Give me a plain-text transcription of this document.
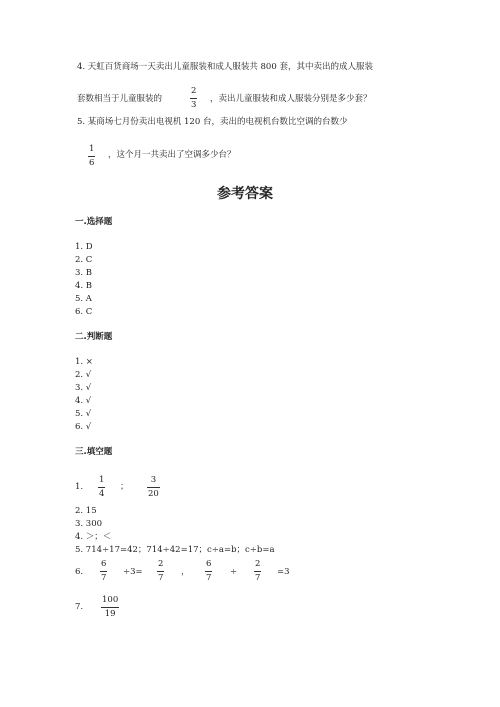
4. 天虹百货商场一天卖出儿童服装和成人服装共 800 套，其中卖出的成人服装
套数相当于儿童服装的
2
3
，卖出儿童服装和成人服装分别是多少套？
5. 某商场七月份卖出电视机 120 台，卖出的电视机台数比空调的台数少
1
6
，这个月一共卖出了空调多少台？
参考答案
一.选择题
1. D
2. C
3. B
4. B
5. A
6. C
二.判断题
1. ×
2. √
3. √
4. √
5. √
6. √
三.填空题
1.
1
4
；
3
20
2. 15
3. 300
4. ＞；＜
5. 714÷17=42；714÷42=17；c÷a=b；c÷b=a
6.
6
7
÷3=
2
7
，
6
7
÷
2
7
=3
7.
100
19
